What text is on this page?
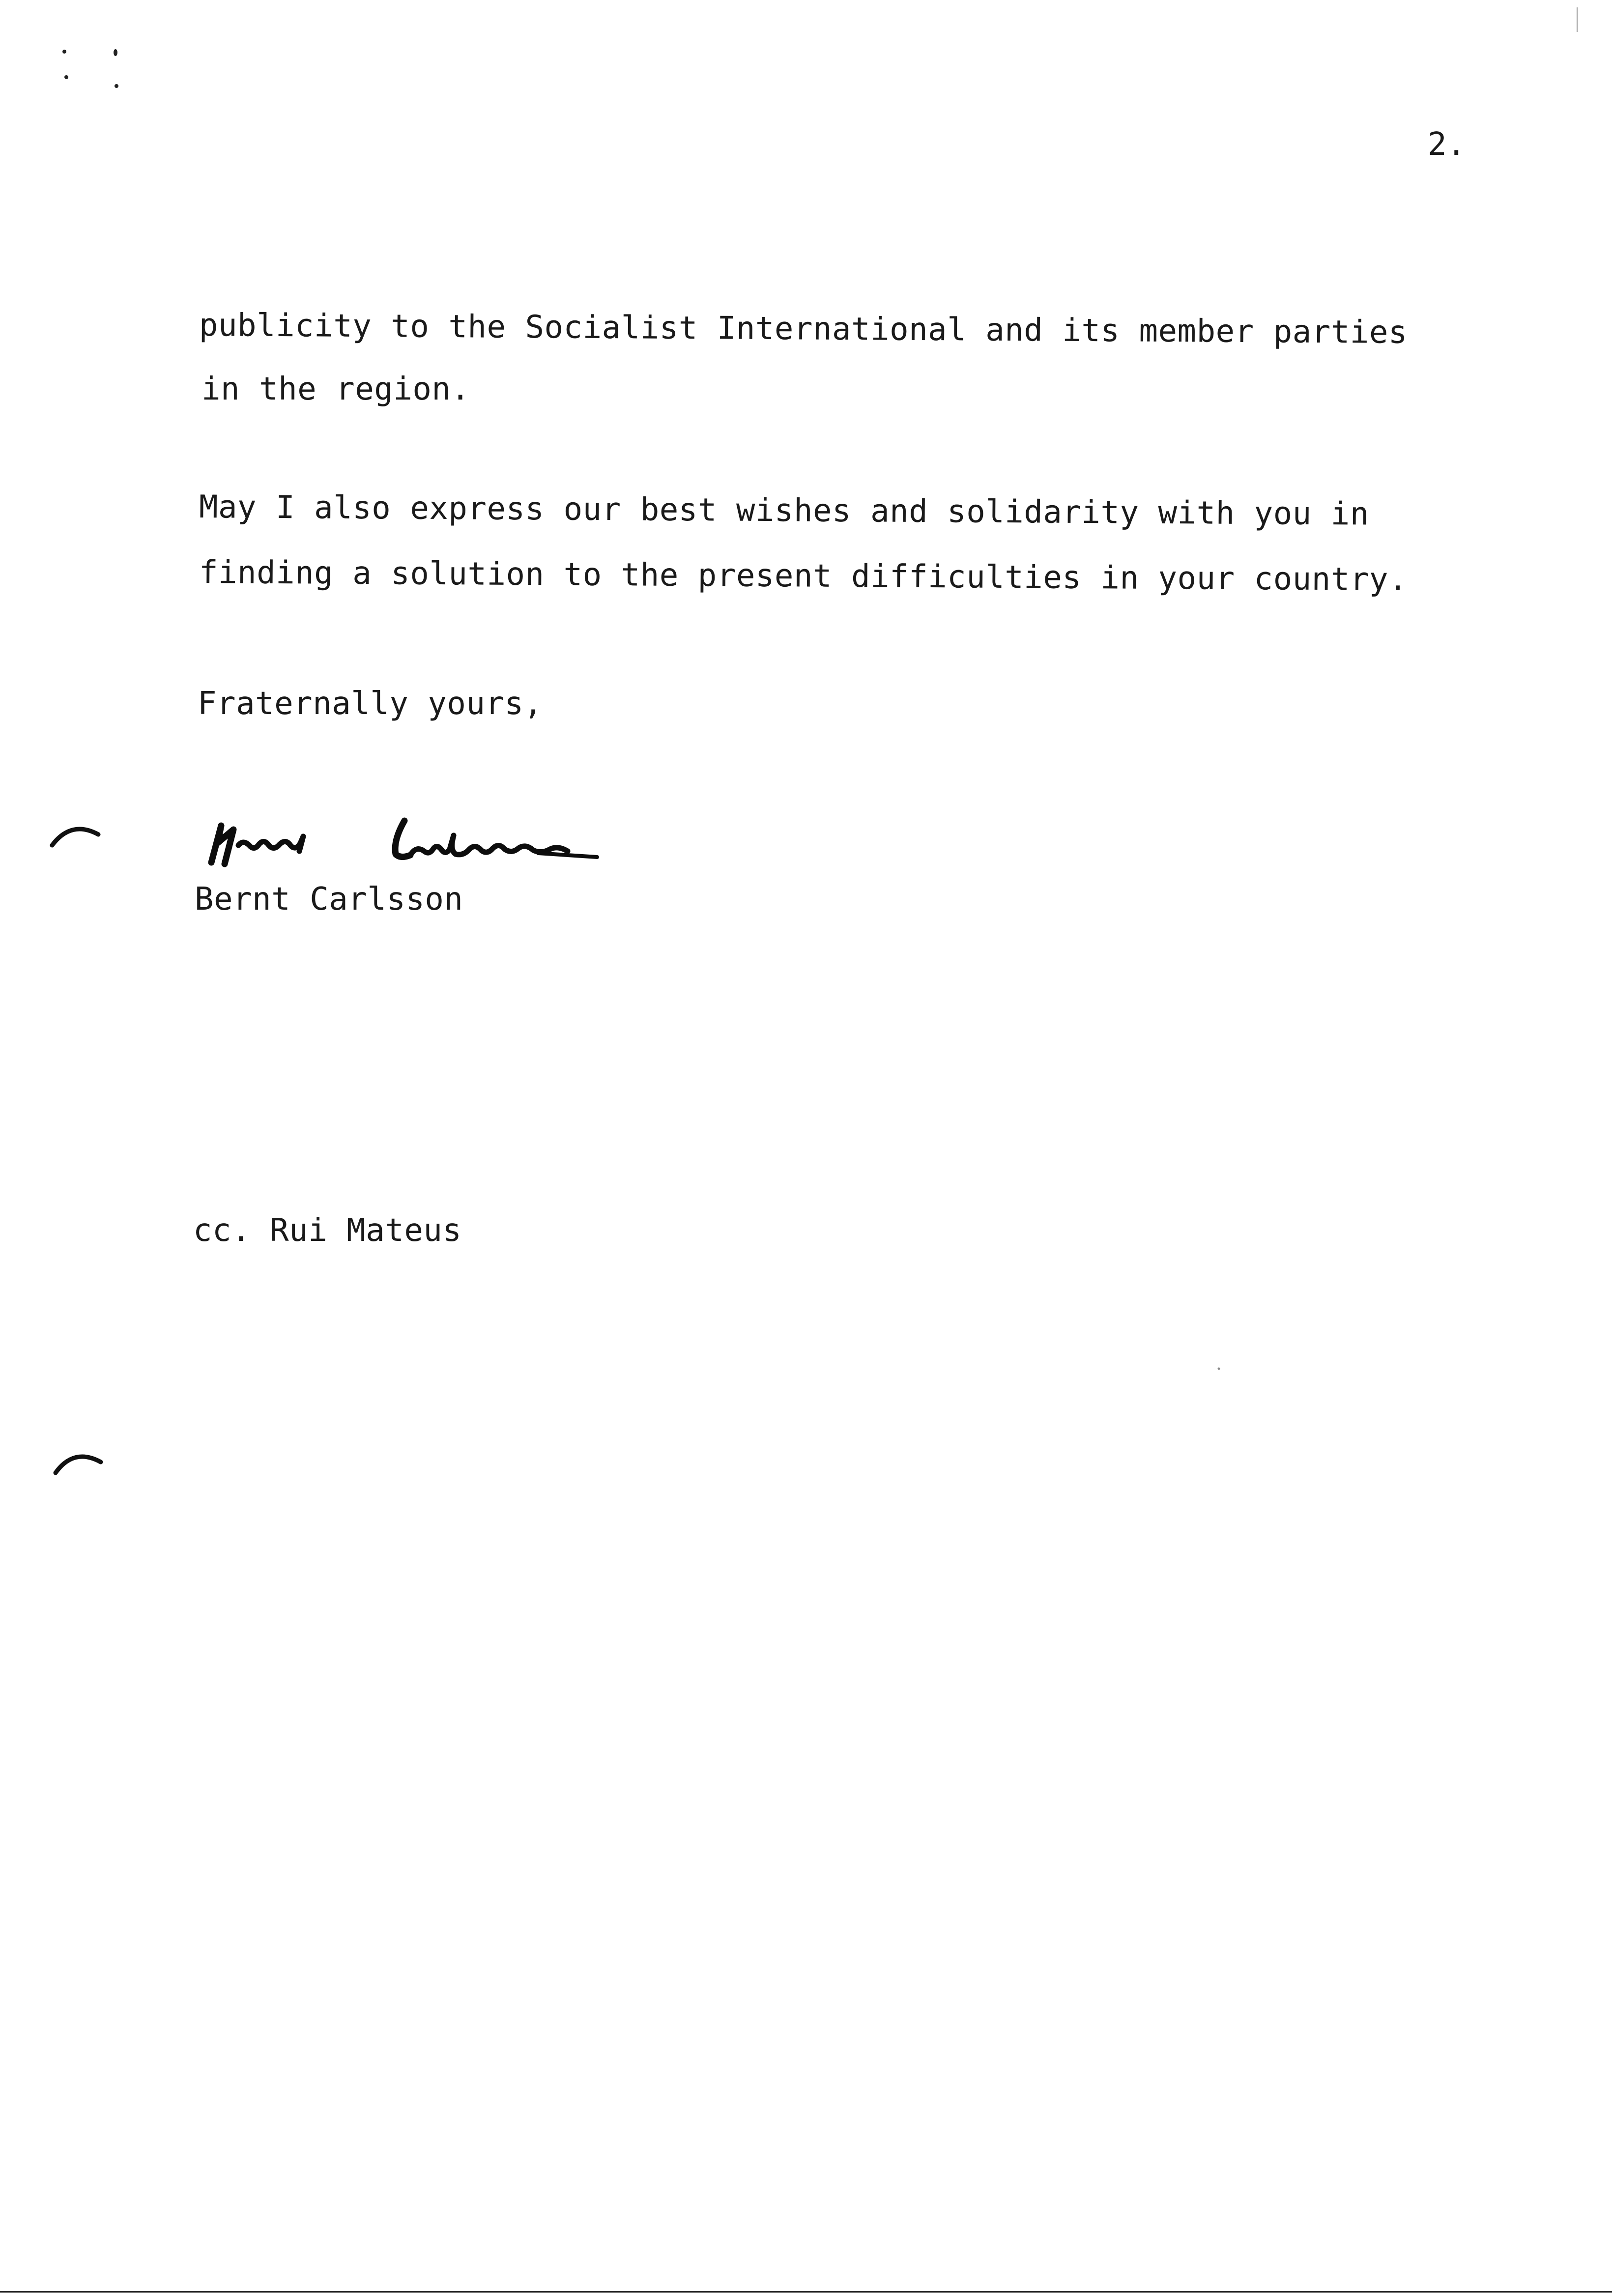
2.
publicity to the Socialist International and its member parties
in the region.
May I also express our best wishes and solidarity with you in
finding a solution to the present difficulties in your country.
Fraternally yours,
Bernt Carlsson
cc. Rui Mateus
